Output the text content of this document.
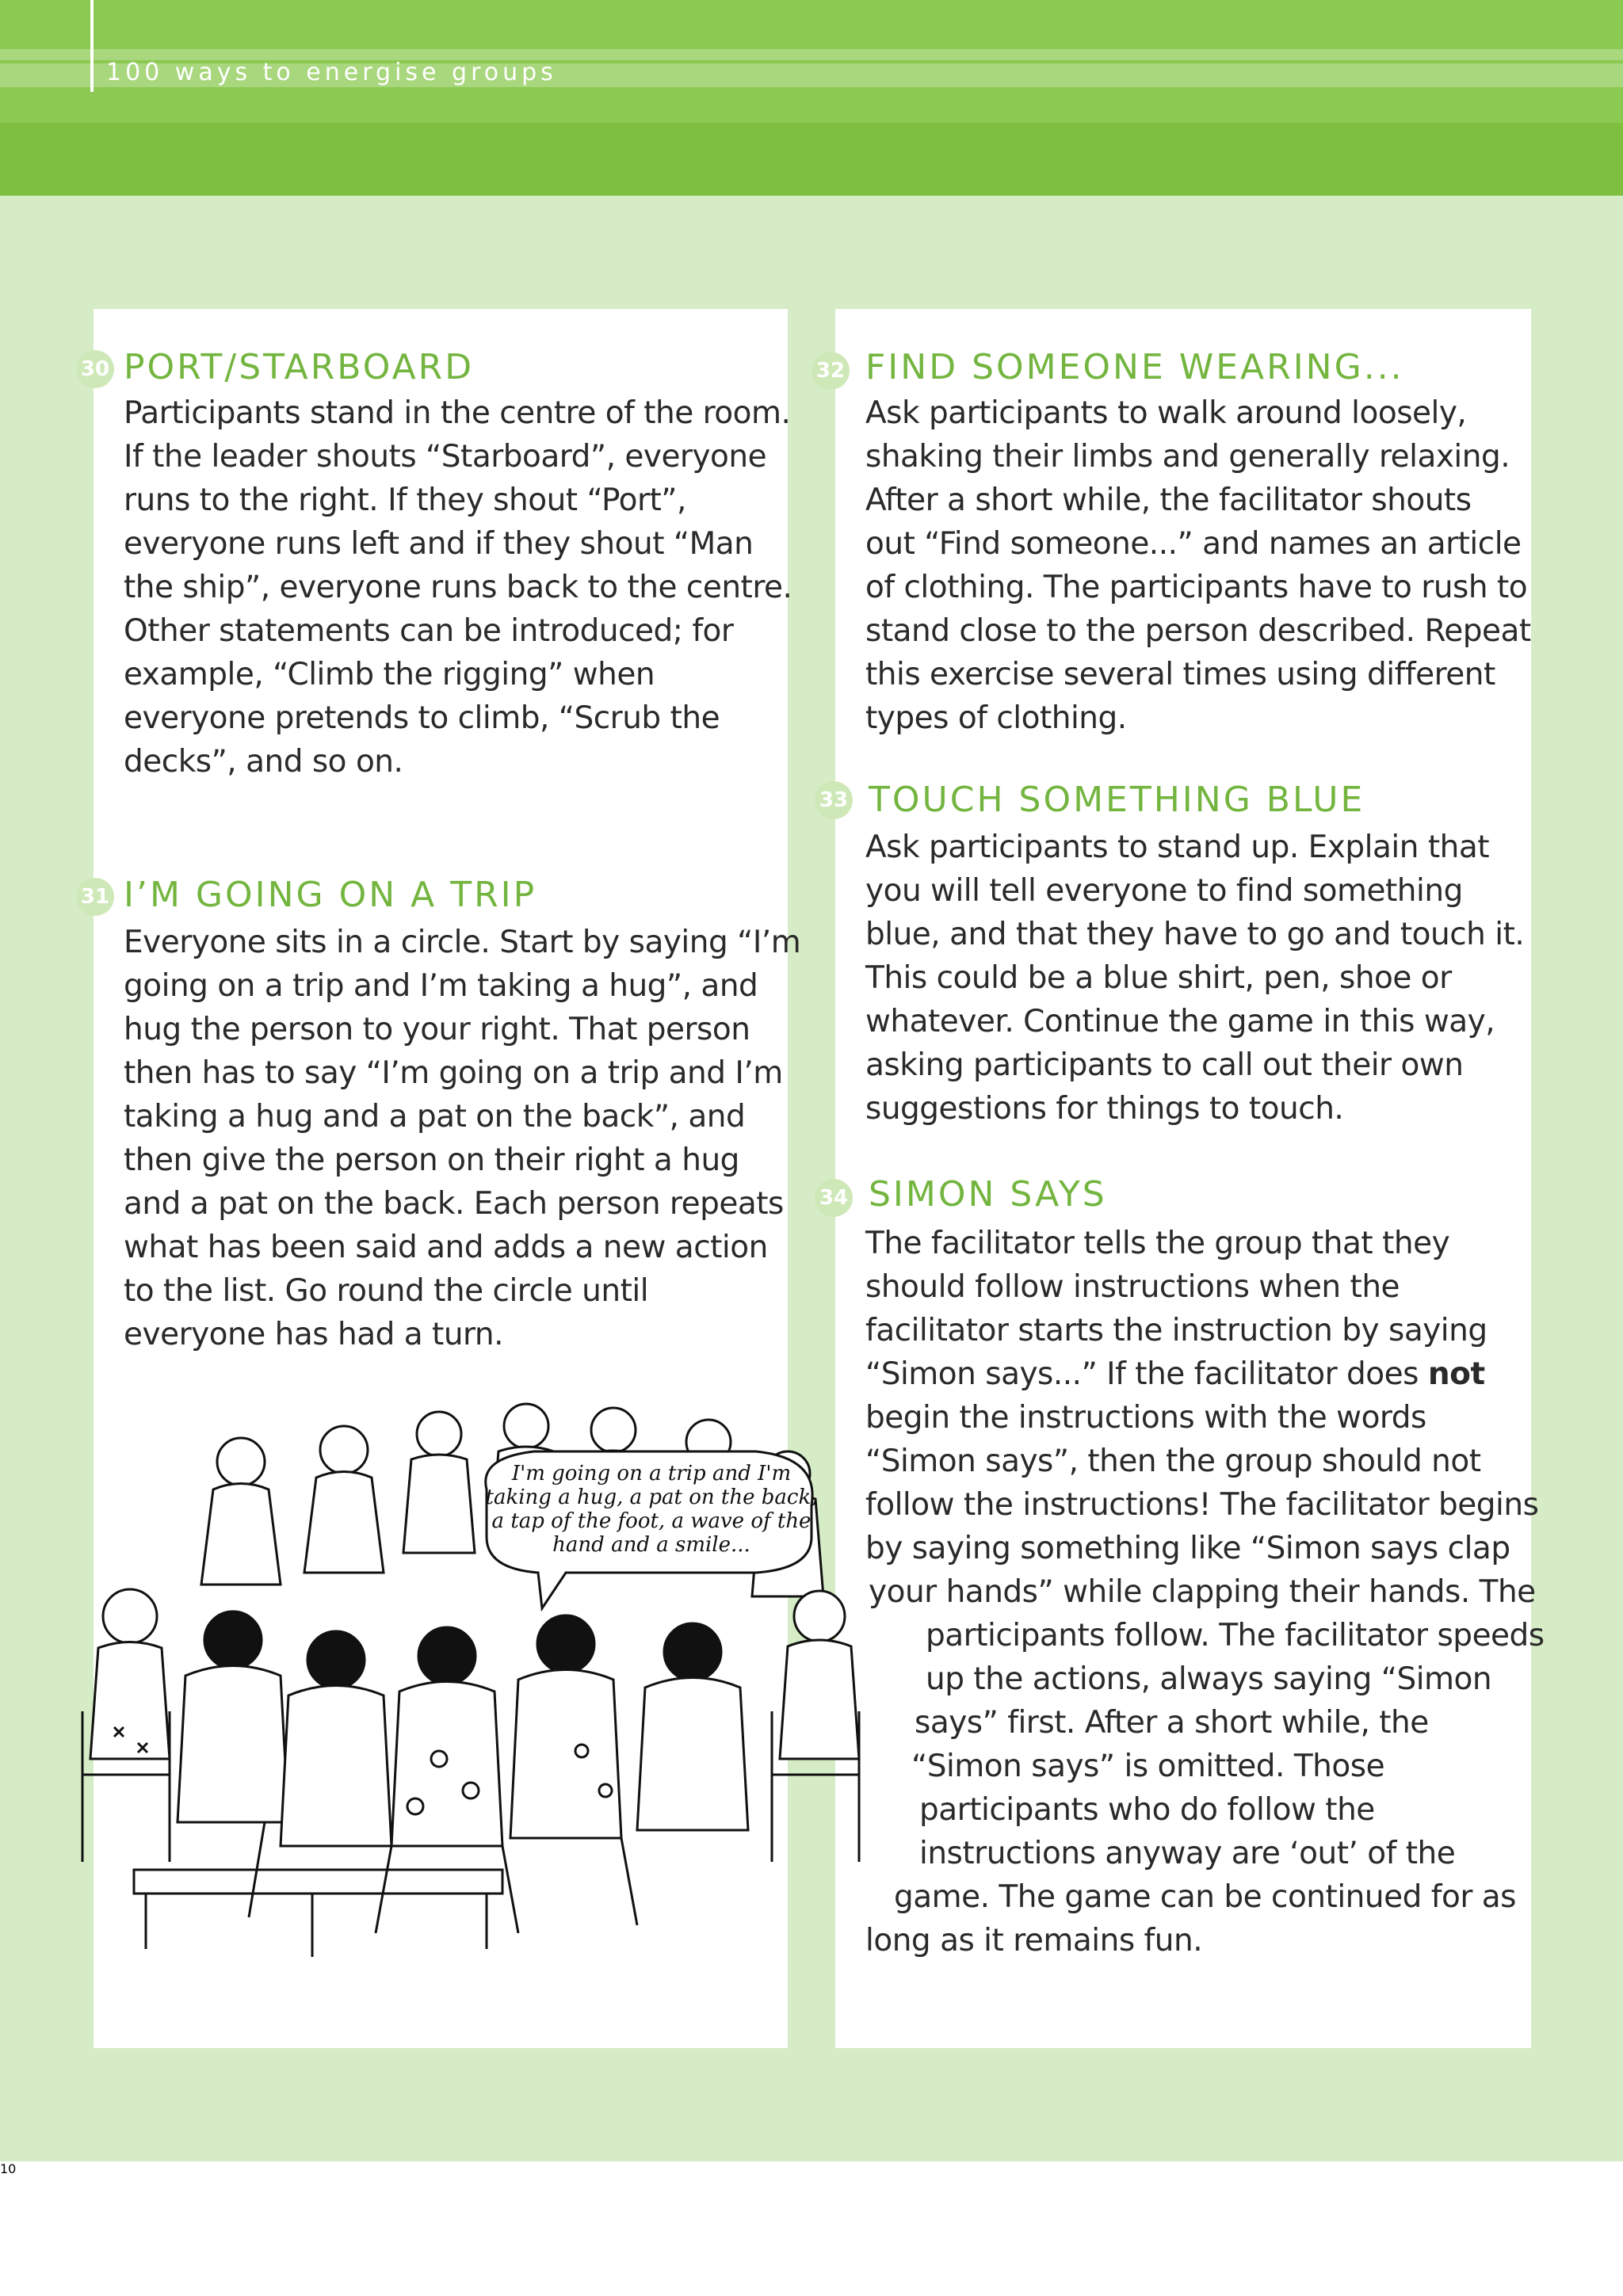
100 ways to energise groups
I'm going on a trip and I'm
taking a hug, a pat on the back,
a tap of the foot, a wave of the
hand and a smile...
30 PORT/STARBOARD

Participants stand in the centre of the room.

If the leader shouts “Starboard”, everyone

runs to the right. If they shout “Port”,

everyone runs left and if they shout “Man

the ship”, everyone runs back to the centre.

Other statements can be introduced; for

example, “Climb the rigging” when

everyone pretends to climb, “Scrub the

decks”, and so on.

31 I’M GOING ON A TRIP

Everyone sits in a circle. Start by saying “I’m

going on a trip and I’m taking a hug”, and

hug the person to your right. That person

then has to say “I’m going on a trip and I’m

taking a hug and a pat on the back”, and

then give the person on their right a hug

and a pat on the back. Each person repeats

what has been said and adds a new action

to the list. Go round the circle until

everyone has had a turn.

32 FIND SOMEONE WEARING...

Ask participants to walk around loosely,

shaking their limbs and generally relaxing.

After a short while, the facilitator shouts

out “Find someone...” and names an article

of clothing. The participants have to rush to

stand close to the person described. Repeat

this exercise several times using different

types of clothing.

33 TOUCH SOMETHING BLUE

Ask participants to stand up. Explain that

you will tell everyone to find something

blue, and that they have to go and touch it.

This could be a blue shirt, pen, shoe or

whatever. Continue the game in this way,

asking participants to call out their own

suggestions for things to touch.

34 SIMON SAYS

The facilitator tells the group that they

should follow instructions when the

facilitator starts the instruction by saying

“Simon says...” If the facilitator does not

begin the instructions with the words

“Simon says”, then the group should not

follow the instructions! The facilitator begins

by saying something like “Simon says clap

your hands” while clapping their hands. The

participants follow. The facilitator speeds

up the actions, always saying “Simon

says” first. After a short while, the

“Simon says” is omitted. Those

participants who do follow the

instructions anyway are ‘out’ of the

game. The game can be continued for as

long as it remains fun.

10
